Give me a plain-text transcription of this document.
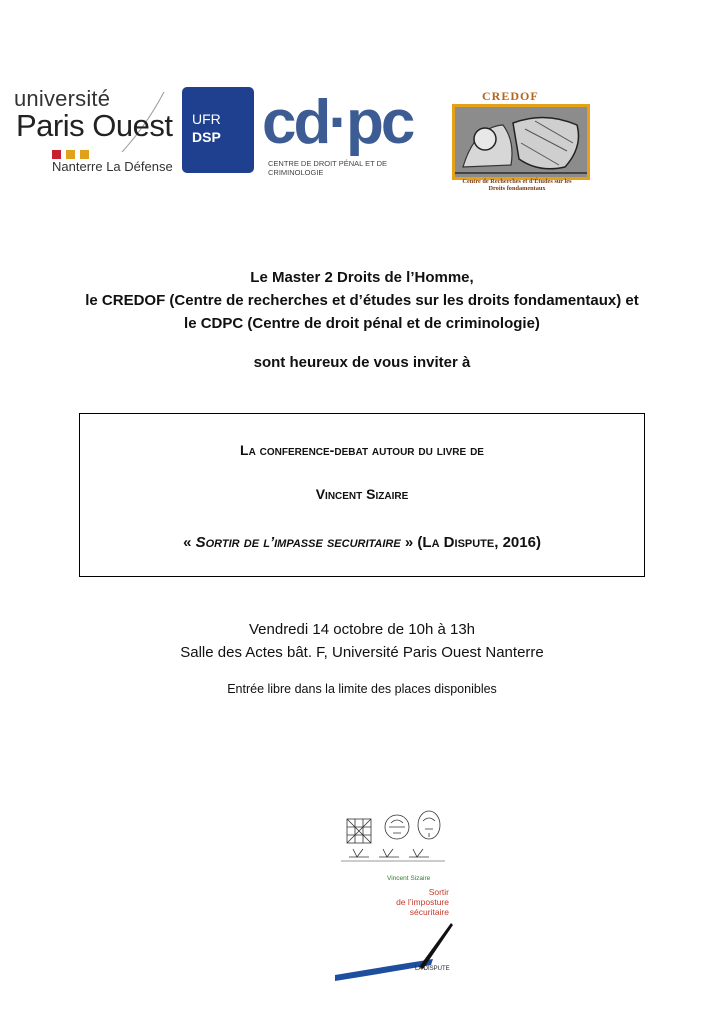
université
Paris Ouest
Nanterre La Défense
UFR
DSP cd·pc
CENTRE DE DROIT PÉNAL ET DE CRIMINOLOGIE
CREDOF
Centre de Recherches et d'Études sur les Droits fondamentaux
Le Master 2 Droits de l’Homme,
le CREDOF (Centre de recherches et d’études sur les droits fondamentaux) et
le CDPC (Centre de droit pénal et de criminologie)
sont heureux de vous inviter à
La conference-debat autour du livre de
Vincent Sizaire
« Sortir de l’impasse securitaire » (La Dispute, 2016)
Vendredi 14 octobre de 10h à 13h
Salle des Actes bât. F, Université Paris Ouest Nanterre
Entrée libre dans la limite des places disponibles
Vincent Sizaire
Sortir
de l’imposture
sécuritaire
LA DISPUTE
